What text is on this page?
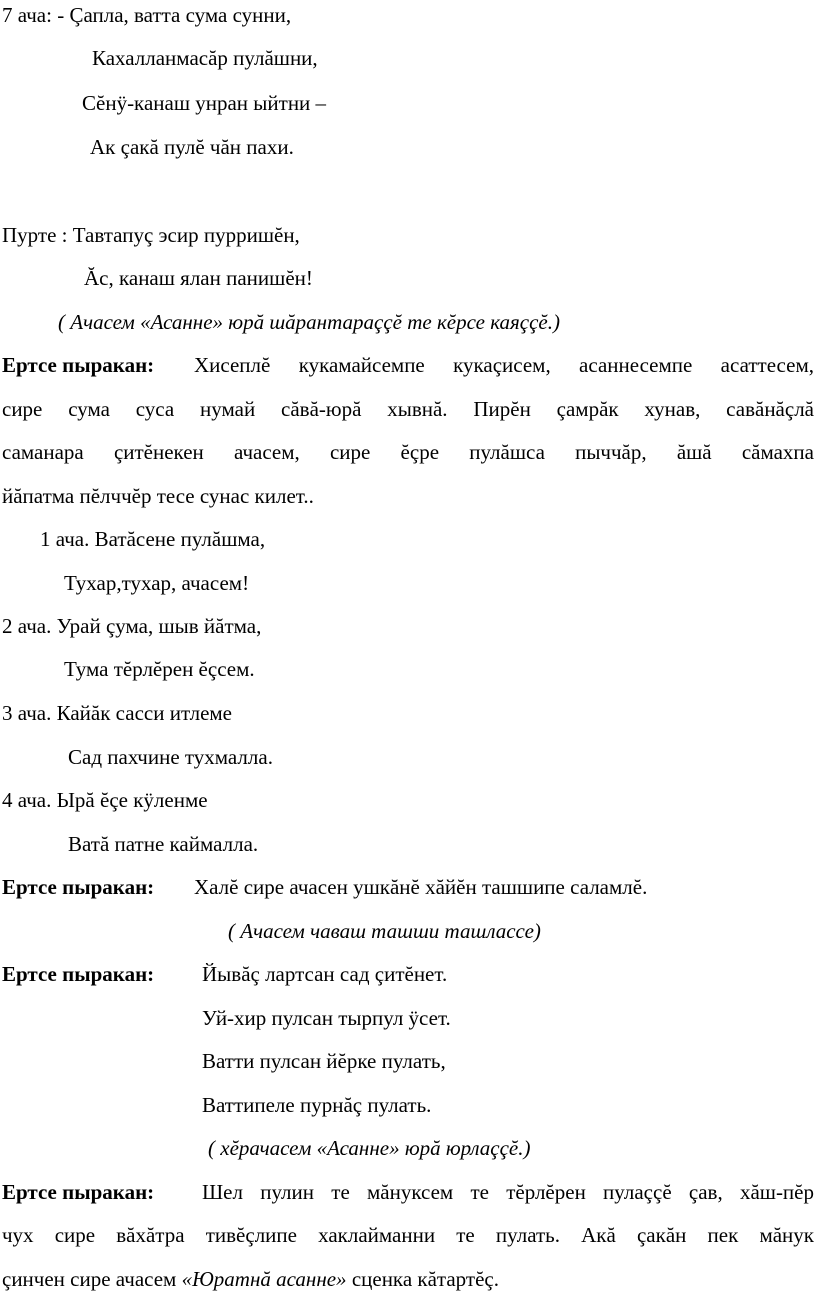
7 ача: - Çапла, ватта сума сунни,
Кахалланмасăр пулăшни,
Сĕнÿ-канаш унран ыйтни –
Ак çакă пулĕ чăн пахи.
Пурте : Тавтапуç эсир пурришĕн,
Ăс, канаш ялан панишĕн!
( Ачасем «Асанне» юрă шăрантараççĕ те кĕрсе каяççĕ.)
Ертсе пыракан: Хисеплĕ кукамайсемпе кукаçисем, асаннесемпе асаттесем,
сире сума суса нумай сăвă-юрă хывнă. Пирĕн çамрăк хунав, савăнăçлă
саманара çитĕнекен ачасем, сире ĕçре пулăшса пыччăр, ăшă сăмахпа
йăпатма пĕлччĕр тесе сунас килет..
1 ача. Ватăсене пулăшма,
Тухар,тухар, ачасем!
2 ача. Урай çума, шыв йăтма,
Тума тĕрлĕрен ĕçсем.
3 ача. Кайăк сасси итлеме
Сад пахчине тухмалла.
4 ача. Ырă ĕçе кÿленме
Ватă патне каймалла.
Ертсе пыракан: Халĕ сире ачасен ушкăнĕ хăйĕн ташшипе саламлĕ.
( Ачасем чаваш ташши ташлассе)
Ертсе пыракан: Йывăç лартсан сад çитĕнет.
Уй-хир пулсан тырпул ÿсет.
Ватти пулсан йĕрке пулать,
Ваттипеле пурнăç пулать.
( хĕрачасем «Асанне» юрă юрлаççĕ.)
Ертсе пыракан: Шел пулин те мăнуксем те тĕрлĕрен пулаççĕ çав, хăш-пĕр
чух сире вăхăтра тивĕçлипе хаклайманни те пулать. Акă çакăн пек мăнук
çинчен сире ачасем «Юратнă асанне» сценка кăтартĕç.
